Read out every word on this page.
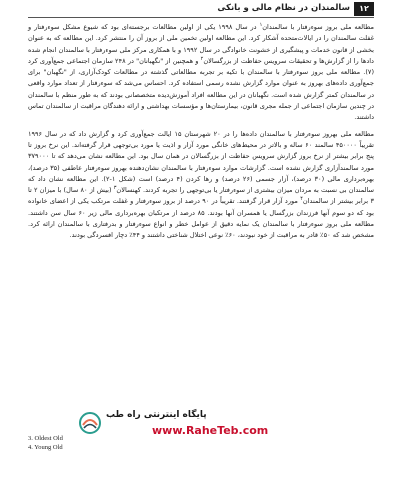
۱۲
سالمندان در نظام مالی و بانکی

مطالعه ملی بروز سوءرفتار با سالمندان$^۱$ در سال ۱۹۹۸ یکی از اولین مطالعات برجسته‌ای بود که شیوع مشکل سوءرفتار و غفلت سالمندان را در ایالات‌متحده آشکار کرد. این مطالعه اولین تخمین ملی از بروز آن را منتشر کرد. این مطالعه که به عنوان بخشی از قانون خدمات و پیشگیری از خشونت خانوادگی در سال ۱۹۹۲ و با همکاری مرکز ملی سوءرفتار با سالمندان انجام شده دادها را از گزارش‌ها و تحقیقات سرویس حفاظت از بزرگسالان$^۲$ و همچنین از "نگهبانان" در ۲۴۸ سازمان اجتماعی جمع‌آوری کرد (۷). مطالعه ملی بروز سوءرفتار با سالمندان با تکیه بر تجربه مطالعاتی گذشته در مطالعات کودک‌آزاری، از "نگهبان" برای جمع‌آوری داده‌های بهروز به عنوان موارد گزارش نشده رسمی استفاده کرد. احساس می‌شد که سوءرفتار از تعداد موارد واقعی در سالمندان کمتر گزارش شده است. نگهبانان در این مطالعه افراد آموزش‌دیده متخصصانی بودند که به طور منظم با سالمندان در چندین سازمان اجتماعی از جمله مجری قانون، بیمارستان‌ها و مؤسسات بهداشتی و ارائه دهندگان مراقبت از سالمندان تماس داشتند.

مطالعه ملی بهروز سوءرفتار با سالمندان داده‌ها را در ۲۰ شهرستان ۱۵ ایالت جمع‌آوری کرد و گزارش داد که در سال ۱۹۹۶ تقریباً ۴۵۰۰۰۰ سالمند ۶۰ ساله و بالاتر در محیط‌های خانگی مورد آزار و اذیت یا مورد بی‌توجهی قرار گرفته‌اند. این نرخ بروز تا پنج برابر بیشتر از نرخ بروز گزارش سرویس حفاظت از بزرگسالان در همان سال بود. این مطالعه نشان می‌دهد که تا ۳۷۹۰۰۰ مورد سالمندآزاری گزارش نشده است. گزارشات موارد سوءرفتار با سالمندان نشان‌دهنده بهروز سوءرفتار عاطفی (۳۵ درصد)، بهره‌برداری مالی (۳۰ درصد)، آزار جسمی (۲۶ درصد) و رها کردن (۴ درصد) است (شکل ۱-۲). این مطالعه نشان داد که سالمندان بی نسبت به مردان میزان بیشتری از سوءرفتار یا بی‌توجهی را تجربه کردند. کهنسالان$^۳$ (بیش از ۸۰ سال) با میزان ۲ تا ۳ برابر بیشتر از سالمندان$^۴$ مورد آزار قرار گرفتند. تقریباً در ۹۰ درصد از بروز سوءرفتار و غفلت مرتکب یکی از اعضای خانواده بود که دو سوم آنها فرزندان بزرگسال یا همسران آنها بودند. ۸۵ درصد از مرتکبان بهره‌برداری مالی زیر ۶۰ سال سن داشتند. مطالعه ملی بروز سوءرفتار با سالمندان یک نمایه دقیق از عوامل خطر و انواع سوءرفتار و بدرفتاری با سالمندان ارائه کرد. مشخص شد که ۵۰٪ قادر به مراقبت از خود نبودند، ۶۰٪ نوعی اختلال شناختی داشتند و ۴۴٪ دچار افسردگی بودند.

پایگاه اینترنتی راه طب
www.RaheTeb.com
3. Oldest Old
4. Young Old
